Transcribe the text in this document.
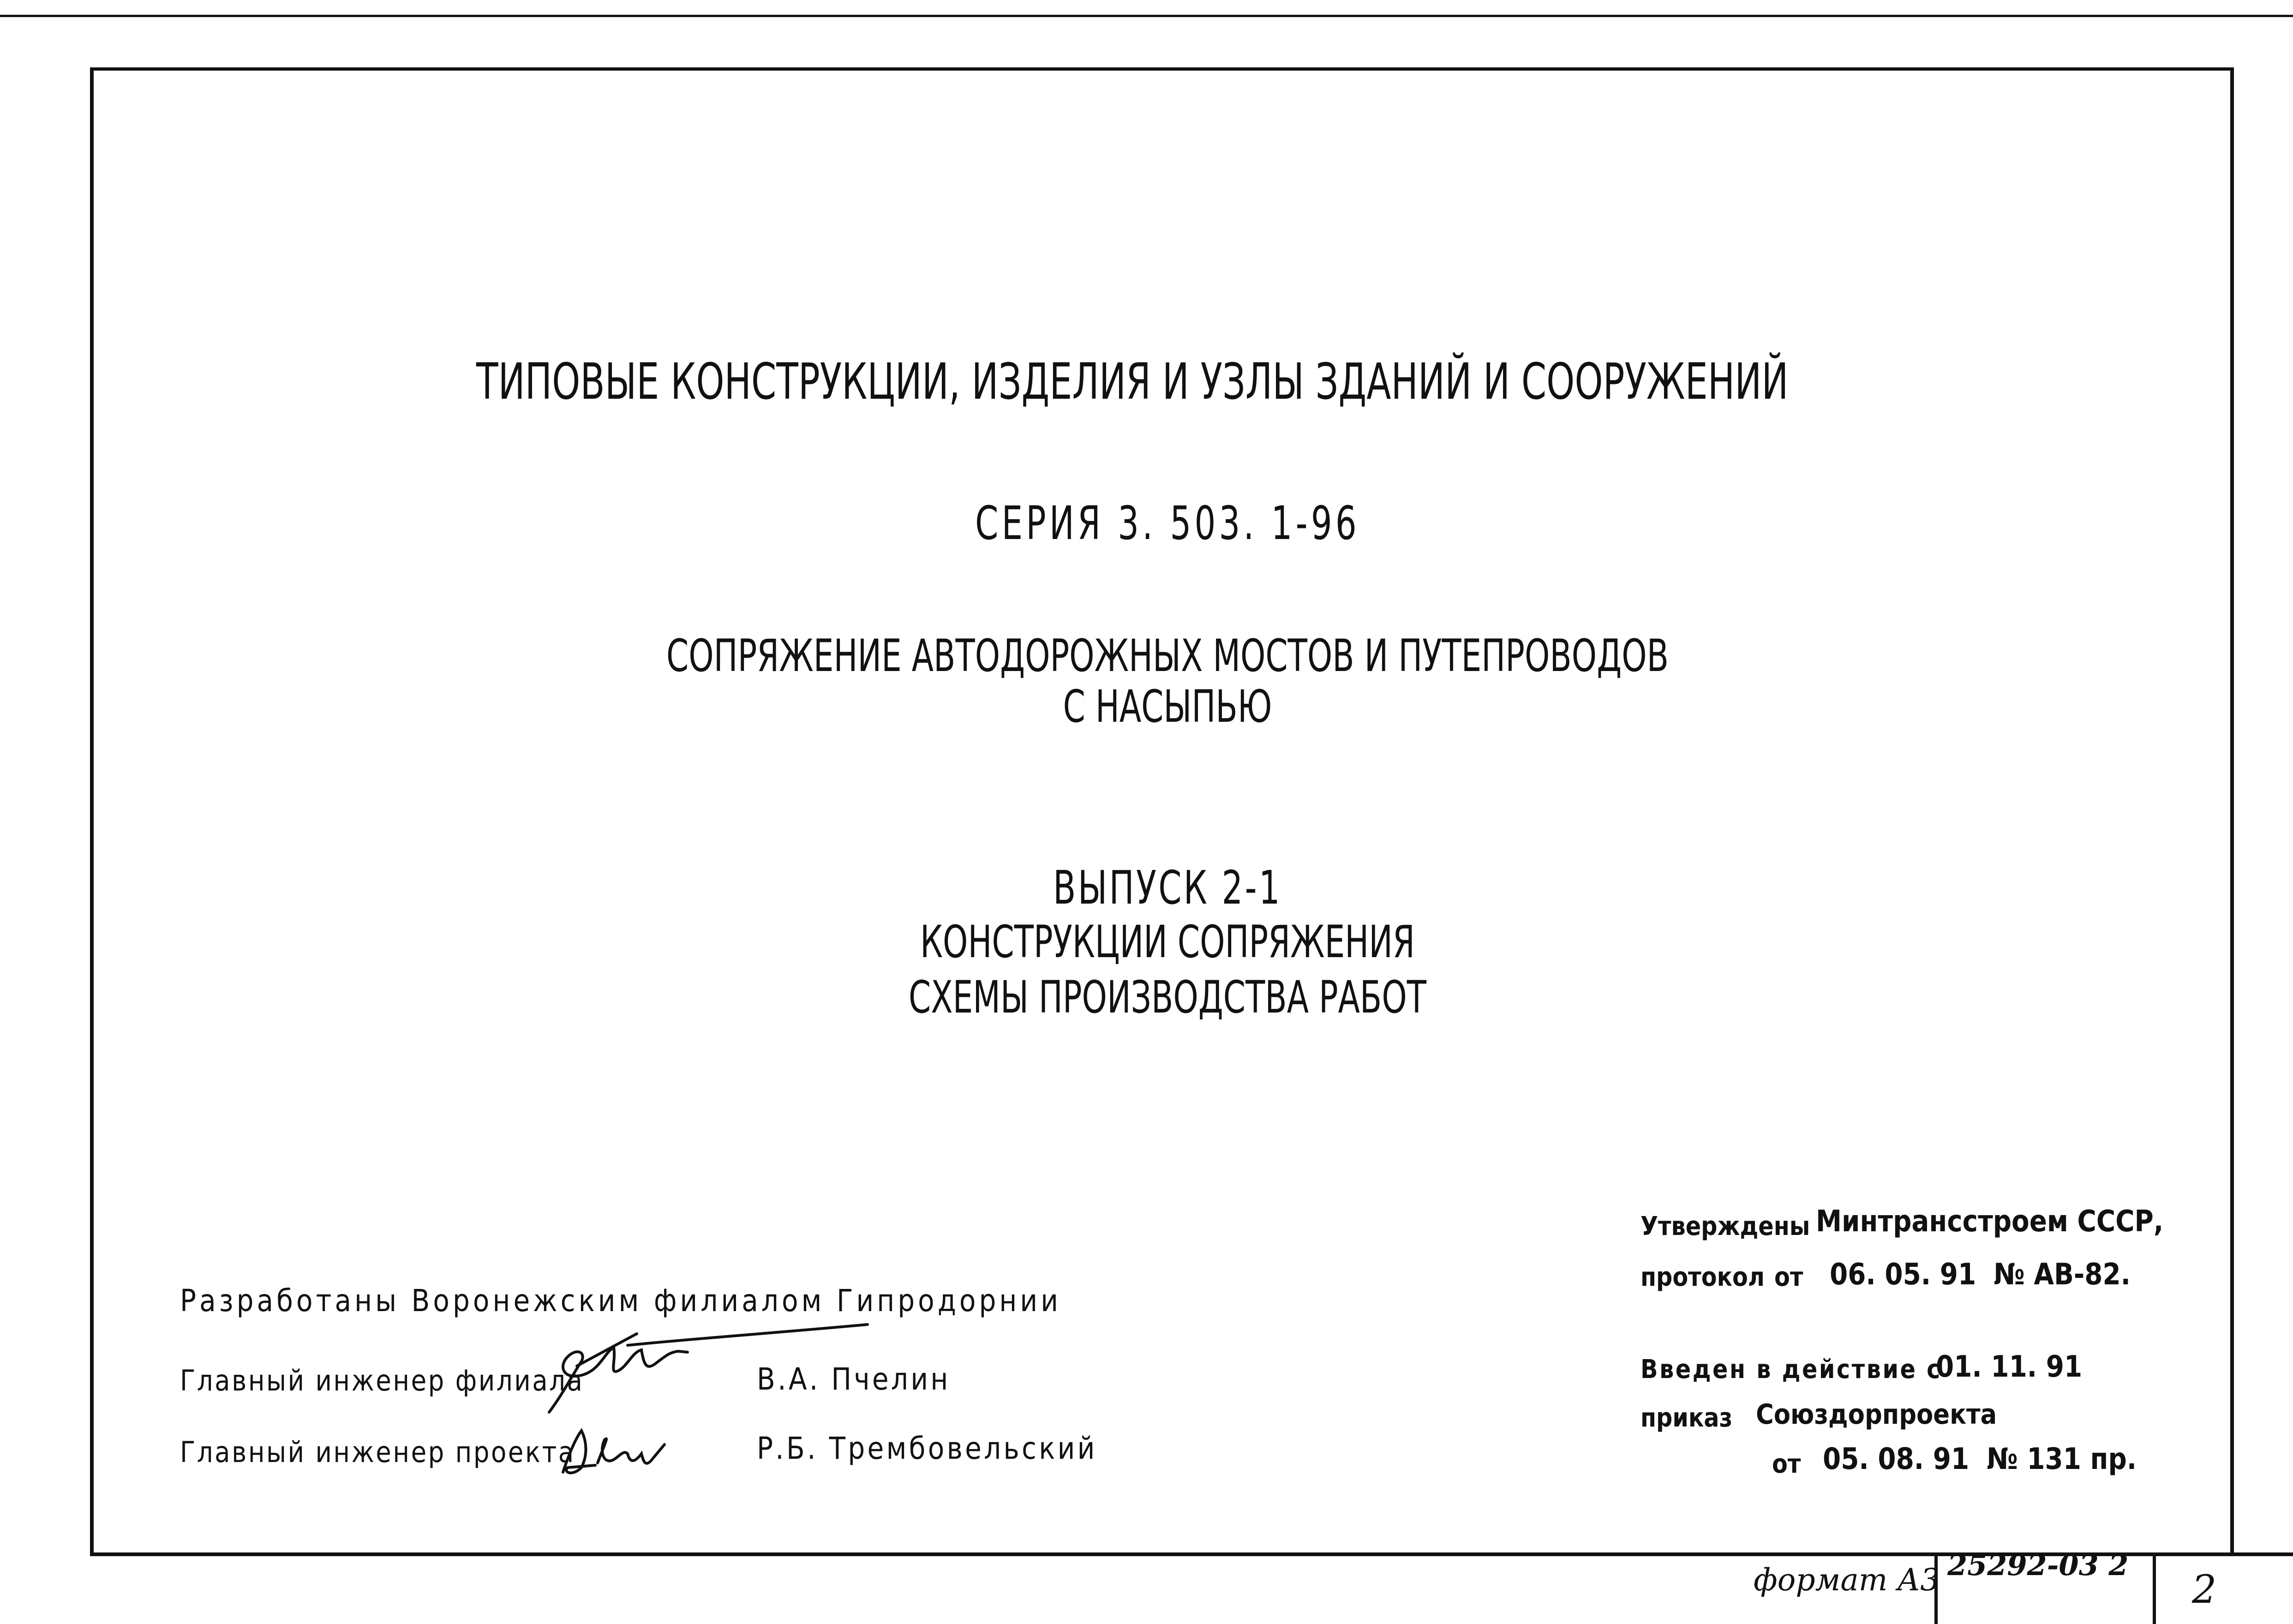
ТИПОВЫЕ КОНСТРУКЦИИ, ИЗДЕЛИЯ И УЗЛЫ ЗДАНИЙ И СООРУЖЕНИЙ
СЕРИЯ 3. 503. 1-96
СОПРЯЖЕНИЕ АВТОДОРОЖНЫХ МОСТОВ И ПУТЕПРОВОДОВ
С НАСЫПЬЮ
ВЫПУСК 2-1
КОНСТРУКЦИИ СОПРЯЖЕНИЯ
СХЕМЫ ПРОИЗВОДСТВА РАБОТ
Разработаны Воронежским филиалом Гипродорнии
Главный инженер филиала	В.А. Пчелин
Главный инженер проекта	Р.Б. Трембовельский
Утверждены Минтрансстроем СССР,
протокол от 06. 05. 91 № АВ-82.
Введен в действие с
01. 11. 91
приказ Союздорпроекта
от 05. 08. 91 № 131 пр.
формат А3 25292-03 2
2
